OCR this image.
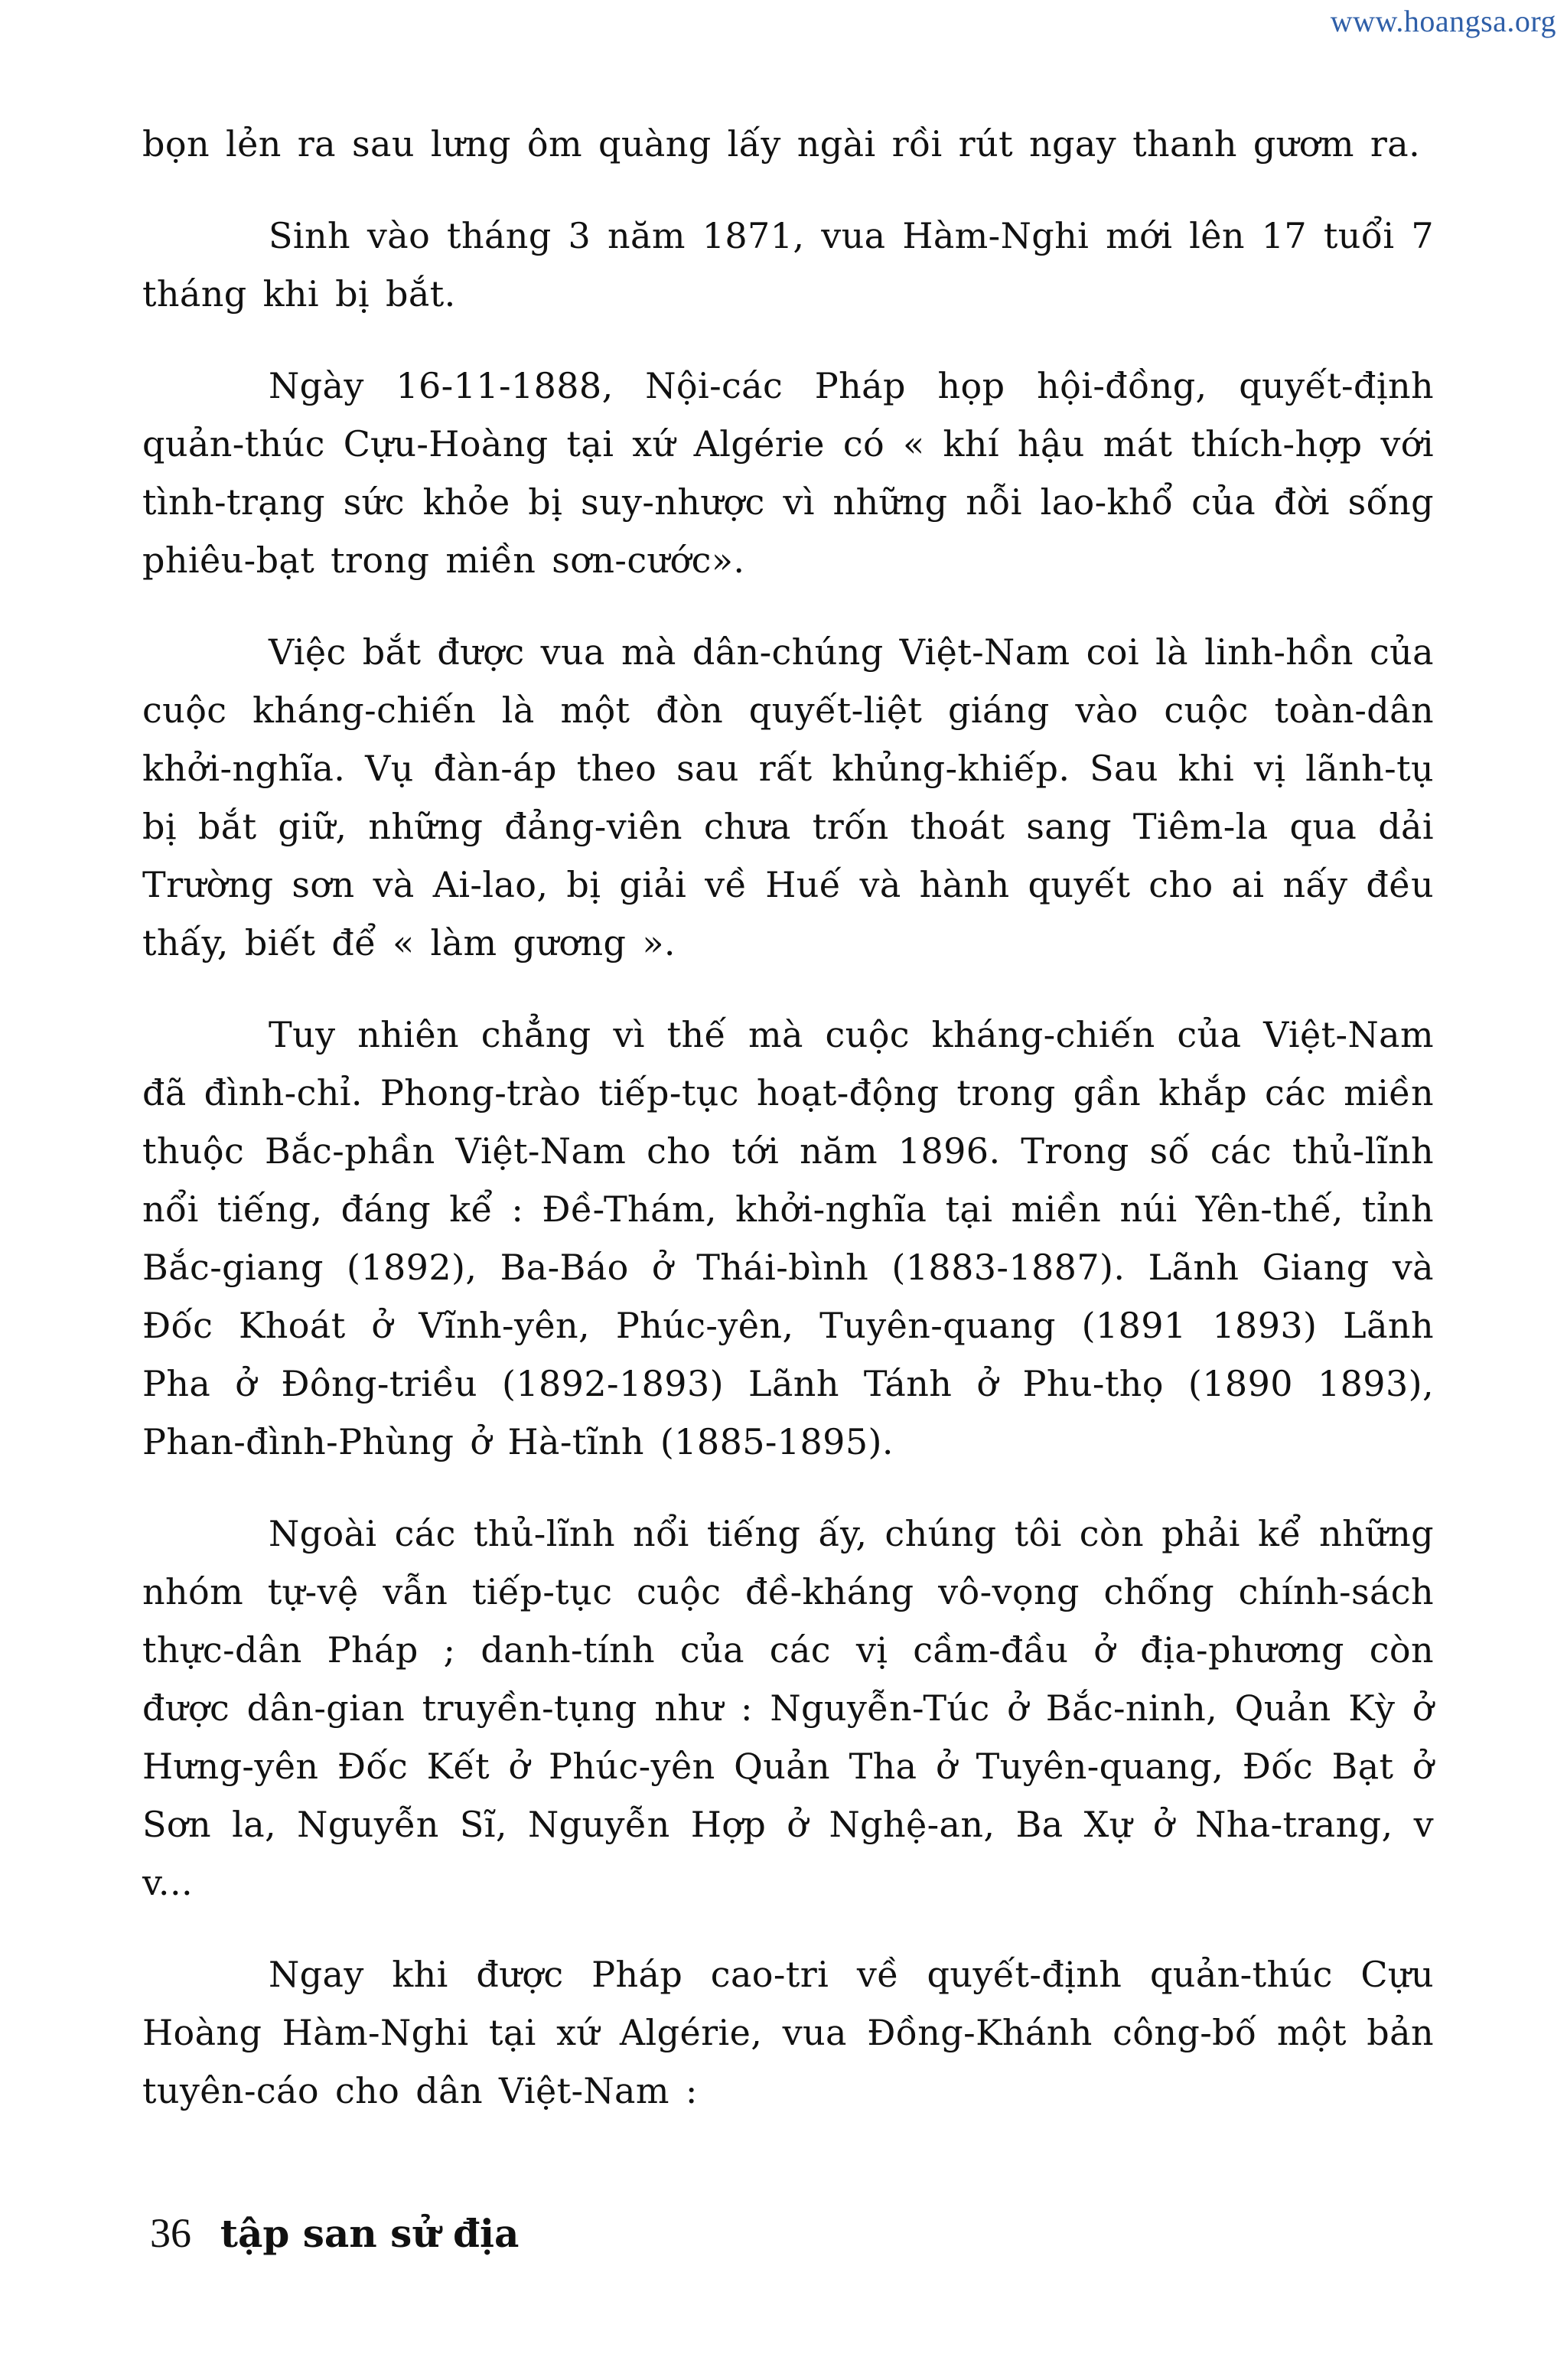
www.hoangsa.org

bọn lẻn ra sau lưng ôm quàng lấy ngài rồi rút ngay thanh gươm ra.

Sinh vào tháng 3 năm 1871, vua Hàm-Nghi mới lên 17 tuổi 7 tháng khi bị bắt.

Ngày 16-11-1888, Nội-các Pháp họp hội-đồng, quyết-định quản-thúc Cựu-Hoàng tại xứ Algérie có « khí hậu mát thích-hợp với tình-trạng sức khỏe bị suy-nhược vì những nỗi lao-khổ của đời sống phiêu-bạt trong miền sơn-cước».

Việc bắt được vua mà dân-chúng Việt-Nam coi là linh-hồn của cuộc kháng-chiến là một đòn quyết-liệt giáng vào cuộc toàn-dân khởi-nghĩa. Vụ đàn-áp theo sau rất khủng-khiếp. Sau khi vị lãnh-tụ bị bắt giữ, những đảng-viên chưa trốn thoát sang Tiêm-la qua dải Trường sơn và Ai-lao, bị giải về Huế và hành quyết cho ai nấy đều thấy, biết để « làm gương ».

Tuy nhiên chẳng vì thế mà cuộc kháng-chiến của Việt-Nam đã đình-chỉ. Phong-trào tiếp-tục hoạt-động trong gần khắp các miền thuộc Bắc-phần Việt-Nam cho tới năm 1896. Trong số các thủ-lĩnh nổi tiếng, đáng kể : Đề-Thám, khởi-nghĩa tại miền núi Yên-thế, tỉnh Bắc-giang (1892), Ba-Báo ở Thái-bình (1883-1887). Lãnh Giang và Đốc Khoát ở Vĩnh-yên, Phúc-yên, Tuyên-quang (1891 1893) Lãnh Pha ở Đông-triều (1892-1893) Lãnh Tánh ở Phu-thọ (1890 1893), Phan-đình-Phùng ở Hà-tĩnh (1885-1895).

Ngoài các thủ-lĩnh nổi tiếng ấy, chúng tôi còn phải kể những nhóm tự-vệ vẫn tiếp-tục cuộc đề-kháng vô-vọng chống chính-sách thực-dân Pháp ; danh-tính của các vị cầm-đầu ở địa-phương còn được dân-gian truyền-tụng như : Nguyễn-Túc ở Bắc-ninh, Quản Kỳ ở Hưng-yên Đốc Kết ở Phúc-yên Quản Tha ở Tuyên-quang, Đốc Bạt ở Sơn la, Nguyễn Sĩ, Nguyễn Hợp ở Nghệ-an, Ba Xự ở Nha-trang, v v...

Ngay khi được Pháp cao-tri về quyết-định quản-thúc Cựu Hoàng Hàm-Nghi tại xứ Algérie, vua Đồng-Khánh công-bố một bản tuyên-cáo cho dân Việt-Nam :

36 tập san sử địa
